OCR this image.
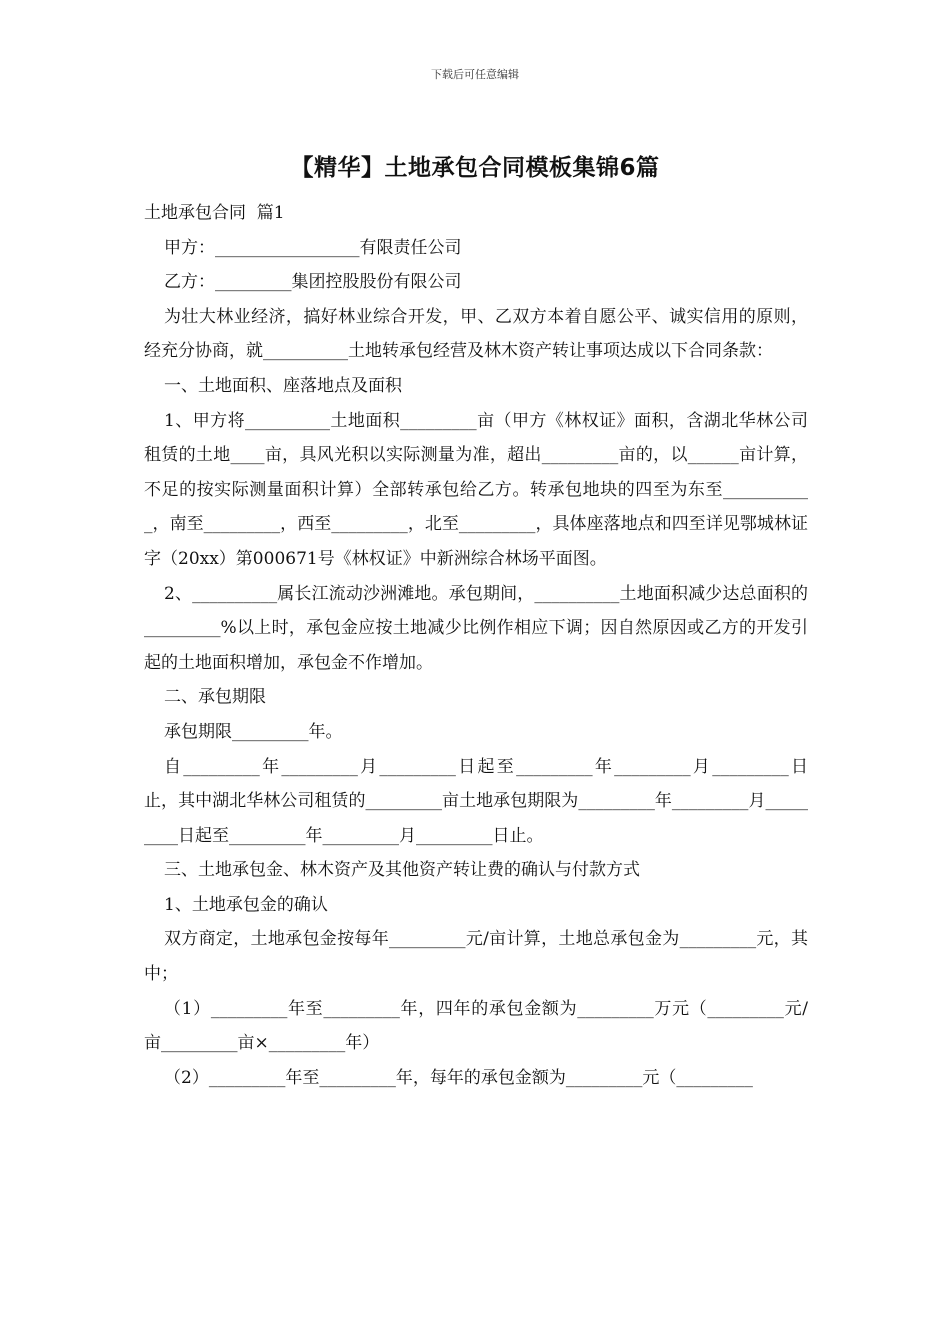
下载后可任意编辑
【精华】土地承包合同模板集锦6篇

土地承包合同  篇1

甲方：_________________有限责任公司

乙方：_________集团控股股份有限公司

为壮大林业经济，搞好林业综合开发，甲、乙双方本着自愿公平、诚实信用的原则，经充分协商，就__________土地转承包经营及林木资产转让事项达成以下合同条款：

一、土地面积、座落地点及面积

1、甲方将__________土地面积_________亩（甲方《林权证》面积，含湖北华林公司租赁的土地____亩，具风光积以实际测量为准，超出_________亩的，以______亩计算，不足的按实际测量面积计算）全部转承包给乙方。转承包地块的四至为东至___________，南至_________，西至_________，北至_________，具体座落地点和四至详见鄂城林证字（20xx）第000671号《林权证》中新洲综合林场平面图。

2、__________属长江流动沙洲滩地。承包期间，__________土地面积减少达总面积的_________%以上时，承包金应按土地减少比例作相应下调；因自然原因或乙方的开发引起的土地面积增加，承包金不作增加。

二、承包期限

承包期限_________年。

自_________年_________月_________日起至_________年_________月_________日止，其中湖北华林公司租赁的_________亩土地承包期限为_________年_________月_________日起至_________年_________月_________日止。

三、土地承包金、林木资产及其他资产转让费的确认与付款方式

1、土地承包金的确认

双方商定，土地承包金按每年_________元/亩计算，土地总承包金为_________元，其中；

（1）_________年至_________年，四年的承包金额为_________万元（_________元/亩_________亩×_________年）

（2）_________年至_________年，每年的承包金额为_________元（_________
